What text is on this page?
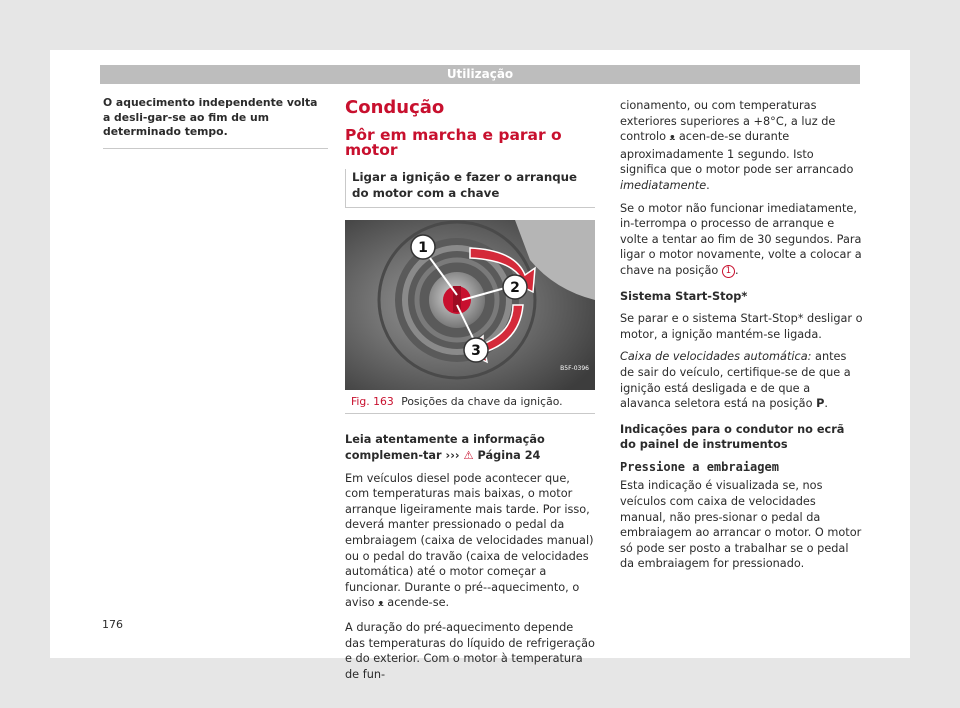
Utilização
O aquecimento independente volta a desli-gar-se ao fim de um determinado tempo.
Condução
Pôr em marcha e parar o motor
Ligar a ignição e fazer o arranque do motor com a chave
1
2
3
B5F-0396
Fig. 163 Posições da chave da ignição.

Leia atentamente a informação complemen-tar ››› ⚠ Página 24

Em veículos diesel pode acontecer que, com temperaturas mais baixas, o motor arranque ligeiramente mais tarde. Por isso, deverá manter pressionado o pedal da embraiagem (caixa de velocidades manual) ou o pedal do travão (caixa de velocidades automática) até o motor começar a funcionar. Durante o pré--aquecimento, o aviso ᴥ acende-se.

A duração do pré-aquecimento depende das temperaturas do líquido de refrigeração e do exterior. Com o motor à temperatura de fun-

cionamento, ou com temperaturas exteriores superiores a +8°C, a luz de controlo ᴥ acen-de-se durante aproximadamente 1 segundo. Isto significa que o motor pode ser arrancado imediatamente.

Se o motor não funcionar imediatamente, in-terrompa o processo de arranque e volte a tentar ao fim de 30 segundos. Para ligar o motor novamente, volte a colocar a chave na posição 1 .

Sistema Start-Stop*

Se parar e o sistema Start-Stop* desligar o motor, a ignição mantém-se ligada.

Caixa de velocidades automática: antes de sair do veículo, certifique-se de que a ignição está desligada e de que a alavanca seletora está na posição P.

Indicações para o condutor no ecrã do painel de instrumentos

Pressione a embraiagem

Esta indicação é visualizada se, nos veículos com caixa de velocidades manual, não pres-sionar o pedal da embraiagem ao arrancar o motor. O motor só pode ser posto a trabalhar se o pedal da embraiagem for pressionado.

176
